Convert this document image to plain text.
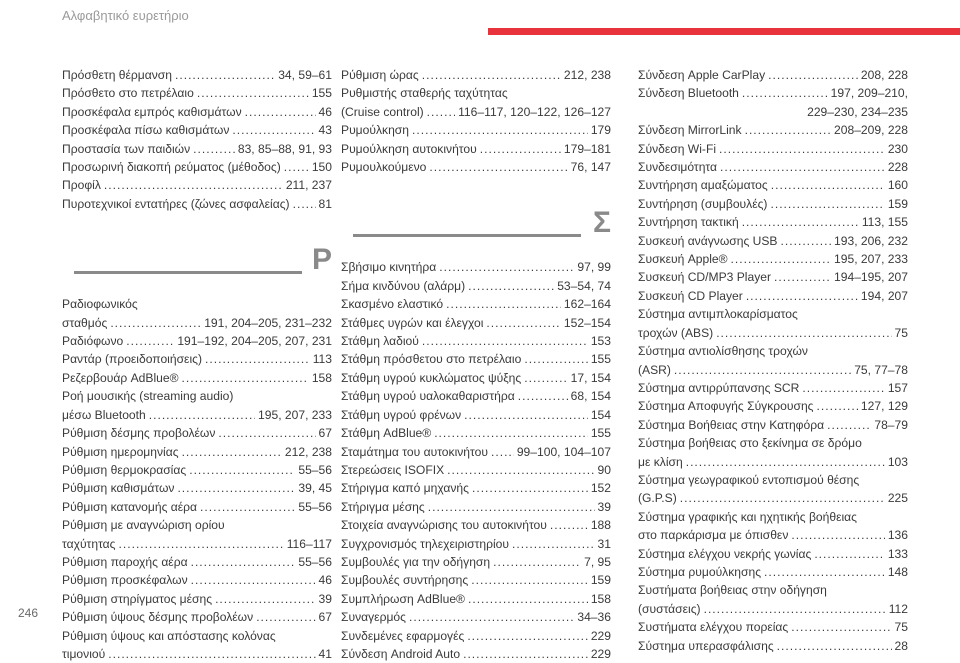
Αλφαβητικό ευρετήριο
Πρόσθετη θέρμανση .....	34, 59–61
Πρόσθετο στο πετρέλαιο .....	155
Προσκέφαλα εμπρός καθισμάτων .....	46
Προσκέφαλα πίσω καθισμάτων .....	43
Προστασία των παιδιών .....	83, 85–88, 91, 93
Προσωρινή διακοπή ρεύματος (μέθοδος) .....	150
Προφίλ .....	211, 237
Πυροτεχνικοί εντατήρες (ζώνες ασφαλείας) ..... 81
Ρ
Ραδιοφωνικός
σταθμός .....	191, 204–205, 231–232
Ραδιόφωνο .....	191–192, 204–205, 207, 231
Ραντάρ (προειδοποιήσεις) .....	113
Ρεζερβουάρ AdBlue® .....	158
Ροή μουσικής (streaming audio)
μέσω Bluetooth .....	195, 207, 233
Ρύθμιση δέσμης προβολέων .....	67
Ρύθμιση ημερομηνίας .....	212, 238
Ρύθμιση θερμοκρασίας .....	55–56
Ρύθμιση καθισμάτων .....	39, 45
Ρύθμιση κατανομής αέρα .....	55–56
Ρύθμιση με αναγνώριση ορίου
ταχύτητας .....	116–117
Ρύθμιση παροχής αέρα .....	55–56
Ρύθμιση προσκέφαλων .....	46
Ρύθμιση στηρίγματος μέσης .....	39
Ρύθμιση ύψους δέσμης προβολέων .....	67
Ρύθμιση ύψους και απόστασης κολόνας
τιμονιού .....	41
Ρύθμιση ώρας .....	212, 238
Ρυθμιστής σταθερής ταχύτητας
(Cruise control) .....	116–117, 120–122, 126–127
Ρυμούλκηση .....	179
Ρυμούλκηση αυτοκινήτου .....	179–181
Ρυμουλκούμενο .....	76, 147
Σ
Σβήσιμο κινητήρα .....	97, 99
Σήμα κινδύνου (αλάρμ) .....	53–54, 74
Σκασμένο ελαστικό .....	162–164
Στάθμες υγρών και έλεγχοι .....	152–154
Στάθμη λαδιού .....	153
Στάθμη πρόσθετου στο πετρέλαιο .....	155
Στάθμη υγρού κυκλώματος ψύξης .....	17, 154
Στάθμη υγρού υαλοκαθαριστήρα .....	68, 154
Στάθμη υγρού φρένων .....	154
Στάθμη AdBlue® .....	155
Σταμάτημα του αυτοκινήτου ..... 99–100, 104–107
Στερεώσεις ISOFIX .....	90
Στήριγμα καπό μηχανής .....	152
Στήριγμα μέσης .....	39
Στοιχεία αναγνώρισης του αυτοκινήτου .....	188
Συγχρονισμός τηλεχειριστηρίου .....	31
Συμβουλές για την οδήγηση .....	7, 95
Συμβουλές συντήρησης .....	159
Συμπλήρωση AdBlue® .....	158
Συναγερμός .....	34–36
Συνδεμένες εφαρμογές .....	229
Σύνδεση Android Auto .....	229
Σύνδεση Apple CarPlay .....	208, 228
Σύνδεση Bluetooth .....	197, 209–210,
229–230, 234–235
Σύνδεση MirrorLink .....	208–209, 228
Σύνδεση Wi-Fi .....	230
Συνδεσιμότητα .....	228
Συντήρηση αμαξώματος .....	160
Συντήρηση (συμβουλές) .....	159
Συντήρηση τακτική .....	113, 155
Συσκευή ανάγνωσης USB .....	193, 206, 232
Συσκευή Apple® .....	195, 207, 233
Συσκευή CD/MP3 Player .....	194–195, 207
Συσκευή CD Player .....	194, 207
Σύστημα αντιμπλοκαρίσματος
τροχών (ABS) .....	75
Σύστημα αντιολίσθησης τροχών
(ASR) .....	75, 77–78
Σύστημα αντιρρύπανσης SCR .....	157
Σύστημα Αποφυγής Σύγκρουσης .....	127, 129
Σύστημα Βοήθειας στην Κατηφόρα .....	78–79
Σύστημα βοήθειας στο ξεκίνημα σε δρόμο
με κλίση .....	103
Σύστημα γεωγραφικού εντοπισμού θέσης
(G.P.S) .....	225
Σύστημα γραφικής και ηχητικής βοήθειας
στο παρκάρισμα με όπισθεν .....	136
Σύστημα ελέγχου νεκρής γωνίας .....	133
Σύστημα ρυμούλκησης .....	148
Συστήματα βοήθειας στην οδήγηση
(συστάσεις) .....	112
Συστήματα ελέγχου πορείας .....	75
Σύστημα υπερασφάλισης .....	28
246
